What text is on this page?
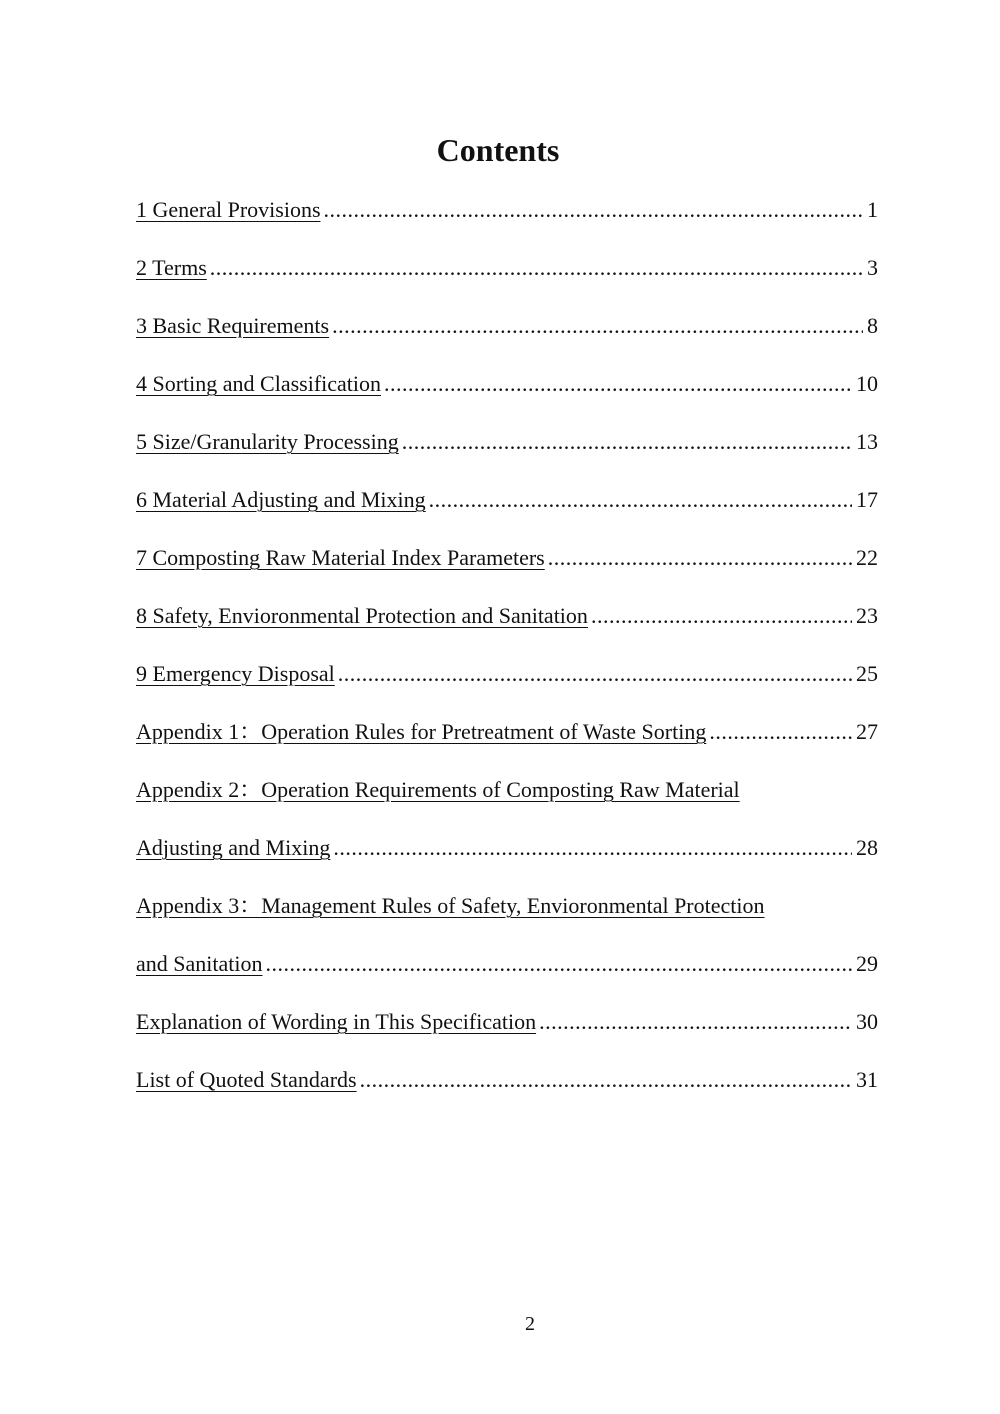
Contents
1 General Provisions .....	1
2 Terms .....	3
3 Basic Requirements .....	8
4 Sorting and Classification .....	10
5 Size/Granularity Processing .....	13
6 Material Adjusting and Mixing .....	17
7 Composting Raw Material Index Parameters .....	22
8 Safety, Envioronmental Protection and Sanitation .....	23
9 Emergency Disposal .....	25
Appendix 1：Operation Rules for Pretreatment of Waste Sorting .....	27
Appendix 2：Operation Requirements of Composting Raw Material
Adjusting and Mixing .....	28
Appendix 3：Management Rules of Safety, Envioronmental Protection
and Sanitation .....	29
Explanation of Wording in This Specification .....	30
List of Quoted Standards .....	31
2
